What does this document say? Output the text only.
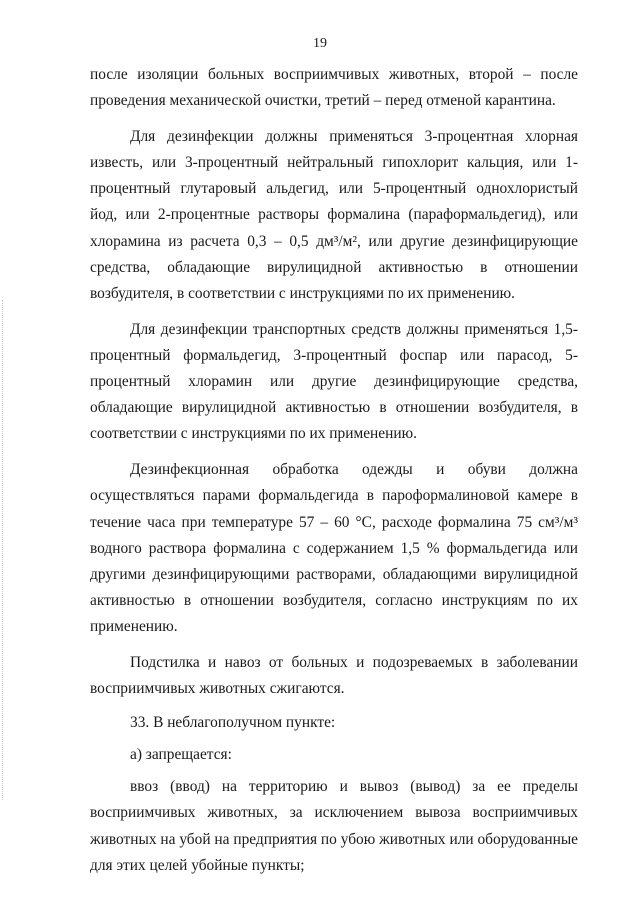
19

после изоляции больных восприимчивых животных, второй – после проведения механической очистки, третий – перед отменой карантина.

Для дезинфекции должны применяться 3-процентная хлорная известь, или 3-процентный нейтральный гипохлорит кальция, или 1-процентный глутаровый альдегид, или 5-процентный однохлористый йод, или 2-процентные растворы формалина (параформальдегид), или хлорамина из расчета 0,3 – 0,5 дм³/м², или другие дезинфицирующие средства, обладающие вирулицидной активностью в отношении возбудителя, в соответствии с инструкциями по их применению.

Для дезинфекции транспортных средств должны применяться 1,5-процентный формальдегид, 3-процентный фоспар или парасод, 5-процентный хлорамин или другие дезинфицирующие средства, обладающие вирулицидной активностью в отношении возбудителя, в соответствии с инструкциями по их применению.

Дезинфекционная обработка одежды и обуви должна осуществляться парами формальдегида в пароформалиновой камере в течение часа при температуре 57 – 60 °С, расходе формалина 75 см³/м³ водного раствора формалина с содержанием 1,5 % формальдегида или другими дезинфицирующими растворами, обладающими вирулицидной активностью в отношении возбудителя, согласно инструкциям по их применению.

Подстилка и навоз от больных и подозреваемых в заболевании восприимчивых животных сжигаются.

33. В неблагополучном пункте:

а) запрещается:

ввоз (ввод) на территорию и вывоз (вывод) за ее пределы восприимчивых животных, за исключением вывоза восприимчивых животных на убой на предприятия по убою животных или оборудованные для этих целей убойные пункты;
